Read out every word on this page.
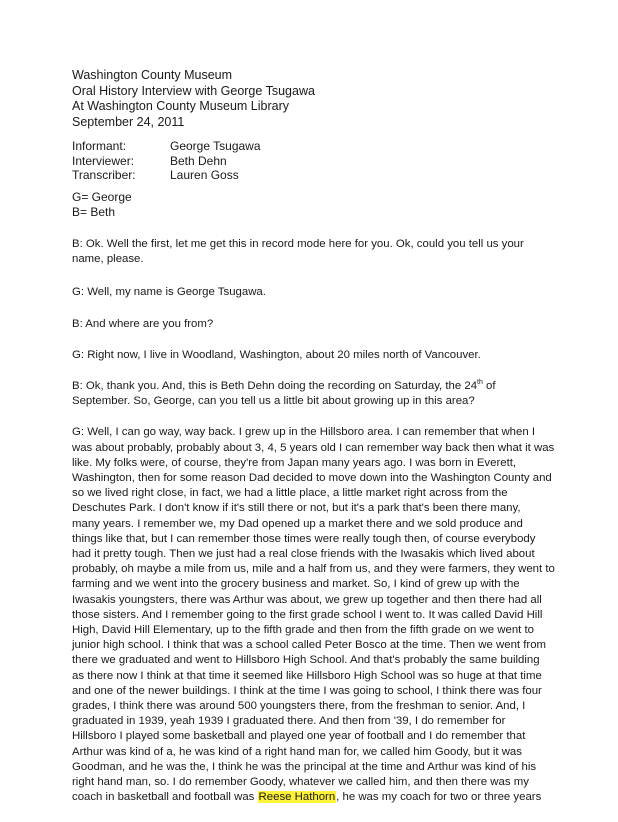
Washington County Museum
Oral History Interview with George Tsugawa
At Washington County Museum Library
September 24, 2011
Informant:	George Tsugawa
Interviewer:	Beth Dehn
Transcriber:	Lauren Goss
G= George
B= Beth
B: Ok. Well the first, let me get this in record mode here for you. Ok, could you tell us your
name, please.
G: Well, my name is George Tsugawa.
B: And where are you from?
G: Right now, I live in Woodland, Washington, about 20 miles north of Vancouver.
B: Ok, thank you. And, this is Beth Dehn doing the recording on Saturday, the 24th of
September. So, George, can you tell us a little bit about growing up in this area?
G: Well, I can go way, way back. I grew up in the Hillsboro area. I can remember that when I
was about probably, probably about 3, 4, 5 years old I can remember way back then what it was
like. My folks were, of course, they're from Japan many years ago. I was born in Everett,
Washington, then for some reason Dad decided to move down into the Washington County and
so we lived right close, in fact, we had a little place, a little market right across from the
Deschutes Park. I don't know if it's still there or not, but it's a park that's been there many,
many years. I remember we, my Dad opened up a market there and we sold produce and
things like that, but I can remember those times were really tough then, of course everybody
had it pretty tough. Then we just had a real close friends with the Iwasakis which lived about
probably, oh maybe a mile from us, mile and a half from us, and they were farmers, they went to
farming and we went into the grocery business and market. So, I kind of grew up with the
Iwasakis youngsters, there was Arthur was about, we grew up together and then there had all
those sisters. And I remember going to the first grade school I went to. It was called David Hill
High, David Hill Elementary, up to the fifth grade and then from the fifth grade on we went to
junior high school. I think that was a school called Peter Bosco at the time. Then we went from
there we graduated and went to Hillsboro High School. And that's probably the same building
as there now I think at that time it seemed like Hillsboro High School was so huge at that time
and one of the newer buildings. I think at the time I was going to school, I think there was four
grades, I think there was around 500 youngsters there, from the freshman to senior. And, I
graduated in 1939, yeah 1939 I graduated there. And then from '39, I do remember for
Hillsboro I played some basketball and played one year of football and I do remember that
Arthur was kind of a, he was kind of a right hand man for, we called him Goody, but it was
Goodman, and he was the, I think he was the principal at the time and Arthur was kind of his
right hand man, so. I do remember Goody, whatever we called him, and then there was my
coach in basketball and football was Reese Hathorn, he was my coach for two or three years
